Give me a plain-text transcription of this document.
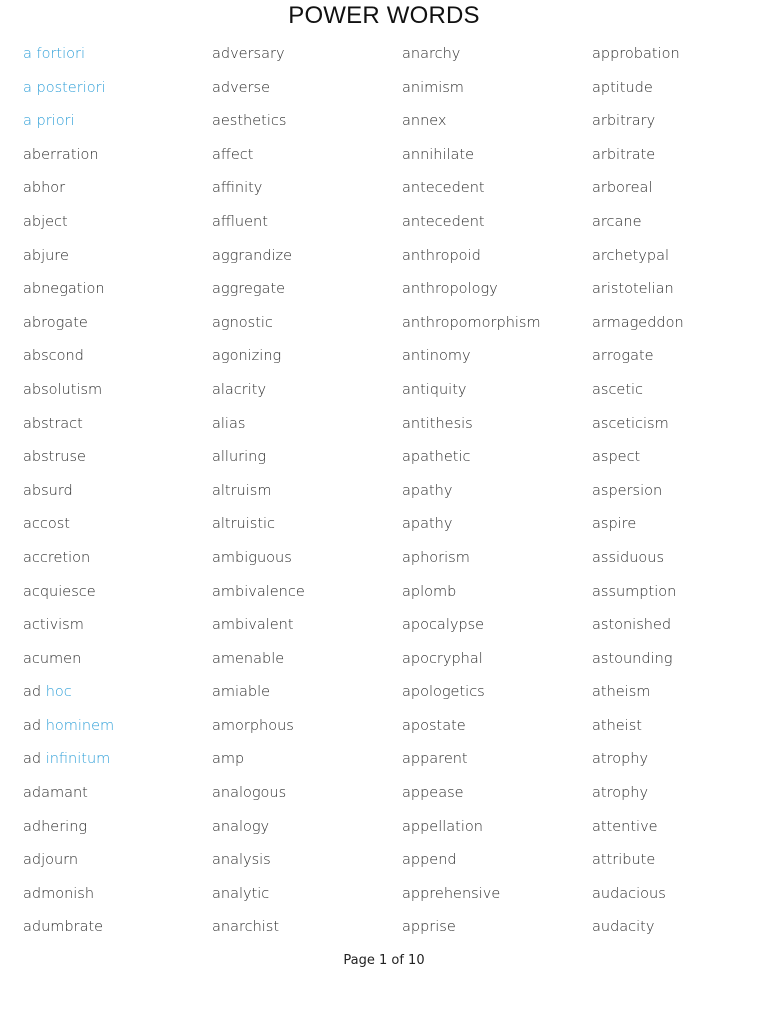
POWER WORDS
a fortiori
a posteriori
a priori
aberration
abhor
abject
abjure
abnegation
abrogate
abscond
absolutism
abstract
abstruse
absurd
accost
accretion
acquiesce
activism
acumen
ad hoc
ad hominem
ad infinitum
adamant
adhering
adjourn
admonish
adumbrate
adversary
adverse
aesthetics
affect
affinity
affluent
aggrandize
aggregate
agnostic
agonizing
alacrity
alias
alluring
altruism
altruistic
ambiguous
ambivalence
ambivalent
amenable
amiable
amorphous
amp
analogous
analogy
analysis
analytic
anarchist
anarchy
animism
annex
annihilate
antecedent
antecedent
anthropoid
anthropology
anthropomorphism
antinomy
antiquity
antithesis
apathetic
apathy
apathy
aphorism
aplomb
apocalypse
apocryphal
apologetics
apostate
apparent
appease
appellation
append
apprehensive
apprise
approbation
aptitude
arbitrary
arbitrate
arboreal
arcane
archetypal
aristotelian
armageddon
arrogate
ascetic
asceticism
aspect
aspersion
aspire
assiduous
assumption
astonished
astounding
atheism
atheist
atrophy
atrophy
attentive
attribute
audacious
audacity
Page 1 of 10
